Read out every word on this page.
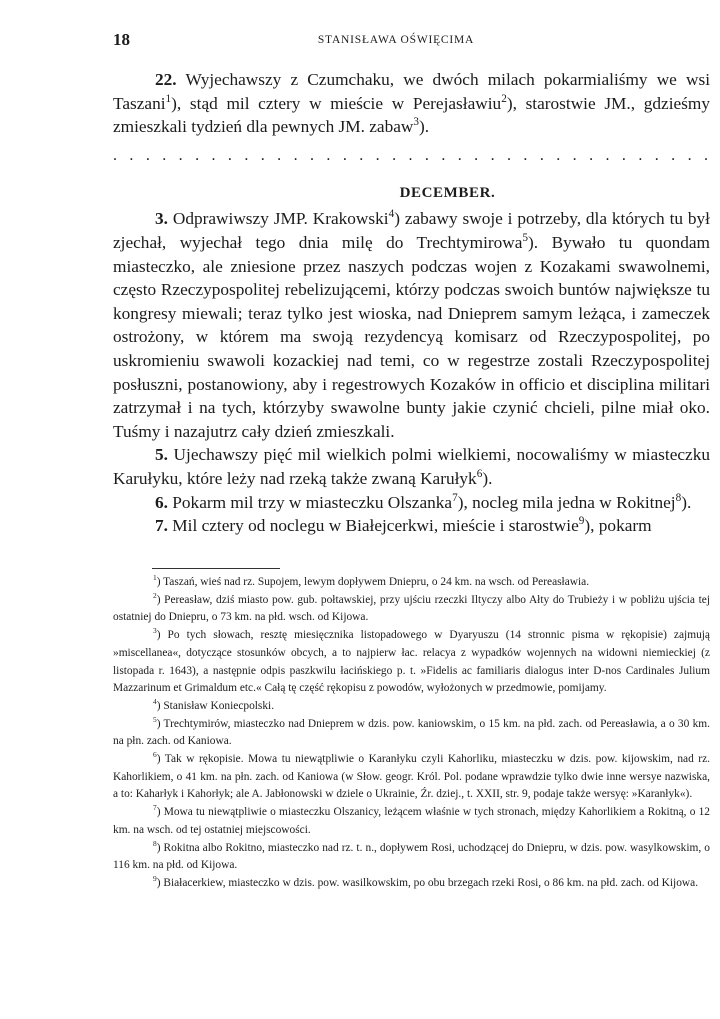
18	STANISŁAWA OŚWIĘCIMA

22. Wyjechawszy z Czumchaku, we dwóch milach pokarmialiśmy we wsi Taszani$^1$), stąd mil cztery w mieście w Perejasławiu$^2$), starostwie JM., gdzieśmy zmieszkali tydzień dla pewnych JM. zabaw$^3$).

. . . . . . . . . . . . . . . . . . . . . . . . . . . . . . . . . . . . .
DECEMBER.

3. Odprawiwszy JMP. Krakowski$^4$) zabawy swoje i potrzeby, dla których tu był zjechał, wyjechał tego dnia milę do Trechtymirowa$^5$). Bywało tu quondam miasteczko, ale zniesione przez naszych podczas wojen z Kozakami swawolnemi, często Rzeczypospolitej rebelizującemi, którzy podczas swoich buntów największe tu kongresy miewali; teraz tylko jest wioska, nad Dnieprem samym leżąca, i zameczek ostrożony, w którem ma swoją rezydencyą komisarz od Rzeczypospolitej, po uskromieniu swawoli kozackiej nad temi, co w regestrze zostali Rzeczypospolitej posłuszni, postanowiony, aby i regestrowych Kozaków in officio et disciplina militari zatrzymał i na tych, którzyby swawolne bunty jakie czynić chcieli, pilne miał oko. Tuśmy i nazajutrz cały dzień zmieszkali.

5. Ujechawszy pięć mil wielkich polmi wielkiemi, nocowaliśmy w miasteczku Karułyku, które leży nad rzeką także zwaną Karułyk$^6$).

6. Pokarm mil trzy w miasteczku Olszanka$^7$), nocleg mila jedna w Rokitnej$^8$).

7. Mil cztery od noclegu w Białejcerkwi, mieście i starostwie$^9$), pokarm

$^1$) Taszań, wieś nad rz. Supojem, lewym dopływem Dniepru, o 24 km. na wsch. od Pereasławia.

$^2$) Pereasław, dziś miasto pow. gub. połtawskiej, przy ujściu rzeczki Iltyczy albo Ałty do Trubieży i w pobliżu ujścia tej ostatniej do Dniepru, o 73 km. na płd. wsch. od Kijowa.

$^3$) Po tych słowach, resztę miesięcznika listopadowego w Dyaryuszu (14 stronnic pisma w rękopisie) zajmują »miscellanea«, dotyczące stosunków obcych, a to najpierw łac. relacya z wypadków wojennych na widowni niemieckiej (z listopada r. 1643), a następnie odpis paszkwilu łacińskiego p. t. »Fidelis ac familiaris dialogus inter D-nos Cardinales Julium Mazzarinum et Grimaldum etc.« Całą tę część rękopisu z powodów, wyłożonych w przedmowie, pomijamy.

$^4$) Stanisław Koniecpolski.

$^5$) Trechtymirów, miasteczko nad Dnieprem w dzis. pow. kaniowskim, o 15 km. na płd. zach. od Pereasławia, a o 30 km. na płn. zach. od Kaniowa.

$^6$) Tak w rękopisie. Mowa tu niewątpliwie o Karanłyku czyli Kahorliku, miasteczku w dzis. pow. kijowskim, nad rz. Kahorlikiem, o 41 km. na płn. zach. od Kaniowa (w Słow. geogr. Król. Pol. podane wprawdzie tylko dwie inne wersye nazwiska, a to: Kaharłyk i Kahorłyk; ale A. Jabłonowski w dziele o Ukrainie, Źr. dziej., t. XXII, str. 9, podaje także wersyę: »Karanłyk«).

$^7$) Mowa tu niewątpliwie o miasteczku Olszanicy, leżącem właśnie w tych stronach, między Kahorlikiem a Rokitną, o 12 km. na wsch. od tej ostatniej miejscowości.

$^8$) Rokitna albo Rokitno, miasteczko nad rz. t. n., dopływem Rosi, uchodzącej do Dniepru, w dzis. pow. wasylkowskim, o 116 km. na płd. od Kijowa.

$^9$) Białacerkiew, miasteczko w dzis. pow. wasilkowskim, po obu brzegach rzeki Rosi, o 86 km. na płd. zach. od Kijowa.
